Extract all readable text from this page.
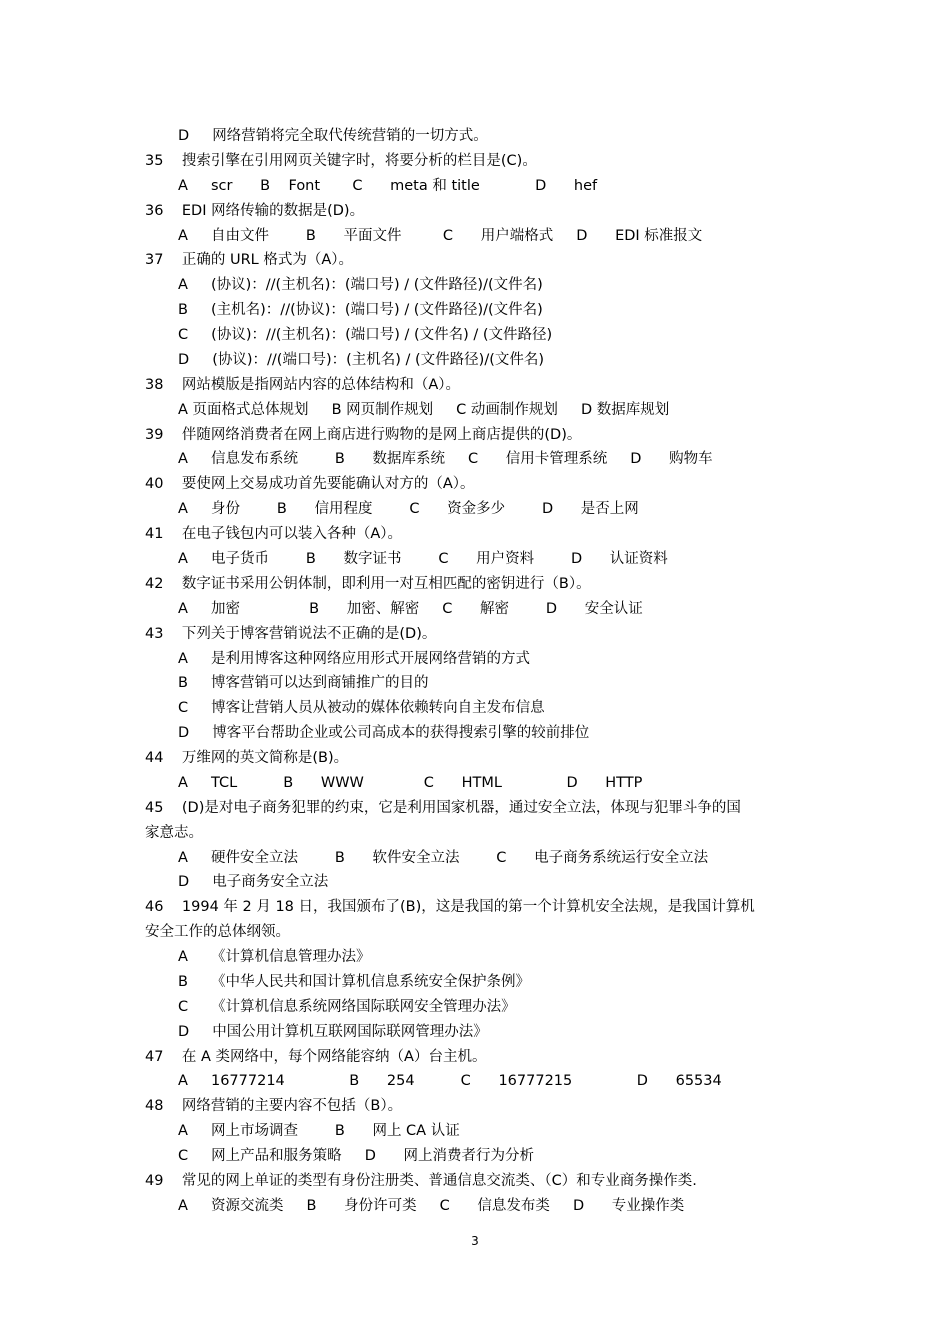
D     网络营销将完全取代传统营销的一切方式。
35    搜索引擎在引用网页关键字时，将要分析的栏目是(C)。
A     scr      B    Font       C      meta 和 title            D      hef
36    EDI 网络传输的数据是(D)。
A     自由文件        B      平面文件         C      用户端格式     D      EDI 标准报文
37    正确的 URL 格式为（A）。
A     (协议)：//(主机名)：(端口号) / (文件路径)/(文件名)
B     (主机名)：//(协议)：(端口号) / (文件路径)/(文件名)
C     (协议)：//(主机名)：(端口号) / (文件名) / (文件路径)
D     (协议)：//(端口号)：(主机名) / (文件路径)/(文件名)
38    网站模版是指网站内容的总体结构和（A）。
A 页面格式总体规划     B 网页制作规划     C 动画制作规划     D 数据库规划
39    伴随网络消费者在网上商店进行购物的是网上商店提供的(D)。
A     信息发布系统        B      数据库系统     C      信用卡管理系统     D      购物车
40    要使网上交易成功首先要能确认对方的（A）。
A     身份        B      信用程度        C      资金多少        D      是否上网
41    在电子钱包内可以装入各种（A）。
A     电子货币        B      数字证书        C      用户资料        D      认证资料
42    数字证书采用公钥体制，即利用一对互相匹配的密钥进行（B）。
A     加密               B      加密、解密     C      解密        D      安全认证
43    下列关于博客营销说法不正确的是(D)。
A     是利用博客这种网络应用形式开展网络营销的方式
B     博客营销可以达到商铺推广的目的
C     博客让营销人员从被动的媒体依赖转向自主发布信息
D     博客平台帮助企业或公司高成本的获得搜索引擎的较前排位
44    万维网的英文简称是(B)。
A     TCL          B      WWW             C      HTML              D      HTTP
45    (D)是对电子商务犯罪的约束，它是利用国家机器，通过安全立法，体现与犯罪斗争的国
家意志。
A     硬件安全立法        B      软件安全立法        C      电子商务系统运行安全立法
D     电子商务安全立法
46    1994 年 2 月 18 日，我国颁布了(B)，这是我国的第一个计算机安全法规，是我国计算机
安全工作的总体纲领。
A     《计算机信息管理办法》
B     《中华人民共和国计算机信息系统安全保护条例》
C     《计算机信息系统网络国际联网安全管理办法》
D     中国公用计算机互联网国际联网管理办法》
47    在 A 类网络中，每个网络能容纳（A）台主机。
A     16777214              B      254          C      16777215              D      65534
48    网络营销的主要内容不包括（B）。
A     网上市场调查        B      网上 CA 认证
C     网上产品和服务策略     D      网上消费者行为分析
49    常见的网上单证的类型有身份注册类、普通信息交流类、（C）和专业商务操作类.
A     资源交流类     B      身份许可类     C      信息发布类     D      专业操作类
3
